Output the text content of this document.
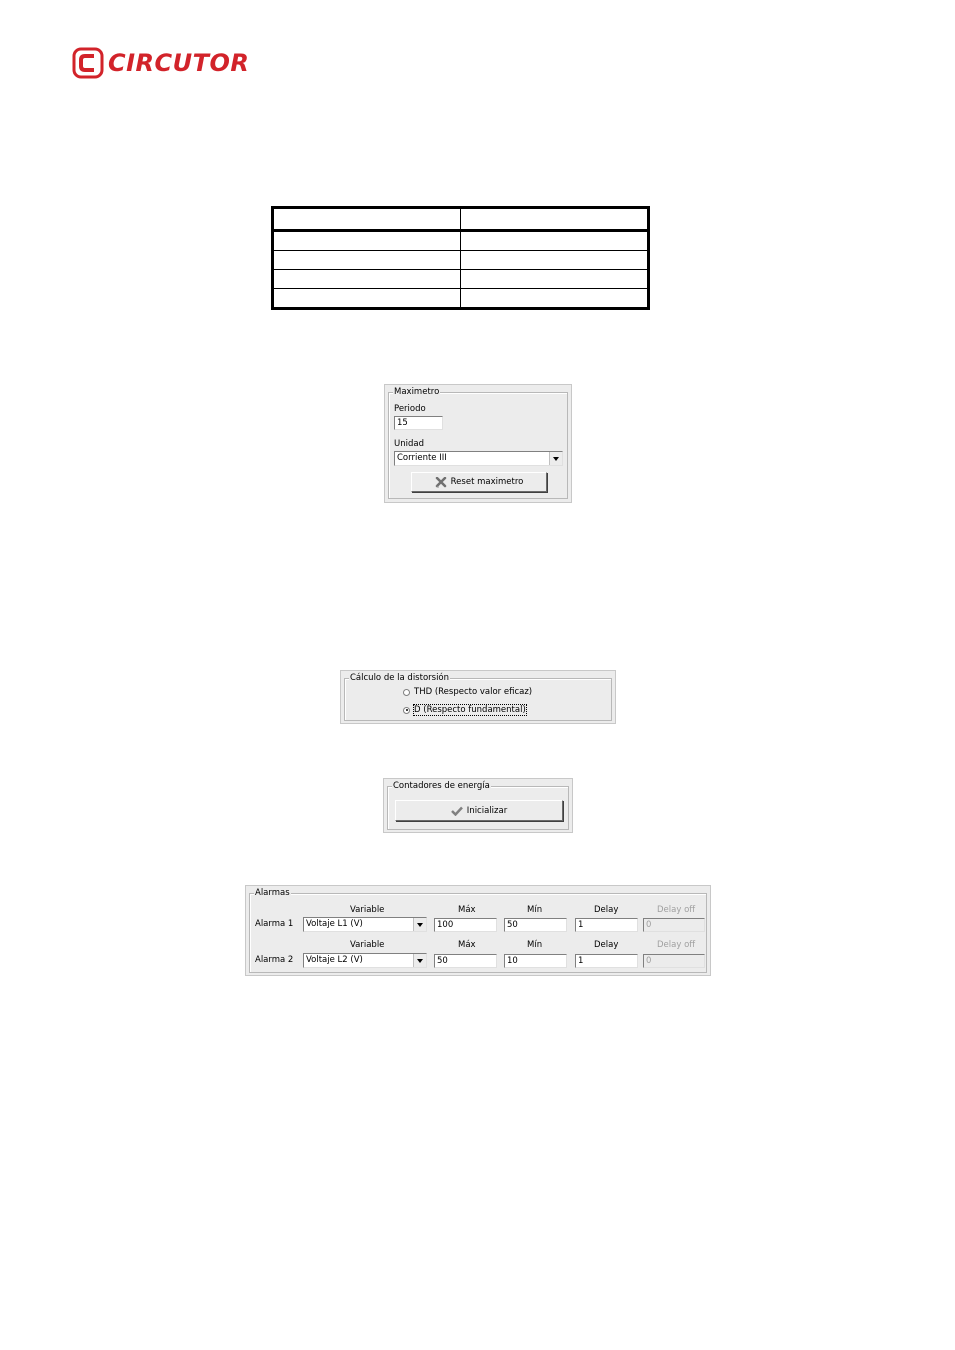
CIRCUTOR

Maximetro
Periodo
15
Unidad
Corriente III
Reset maximetro
Cálculo de la distorsión
THD (Respecto valor eficaz)
D (Respecto fundamental)
Contadores de energía
Inicializar
Alarmas
Variable	Máx	Mín	Delay	Delay off
Alarma 1	Voltaje L1 (V)	100	50	1	0
Variable	Máx	Mín	Delay	Delay off
Alarma 2	Voltaje L2 (V)	50	10	1	0
